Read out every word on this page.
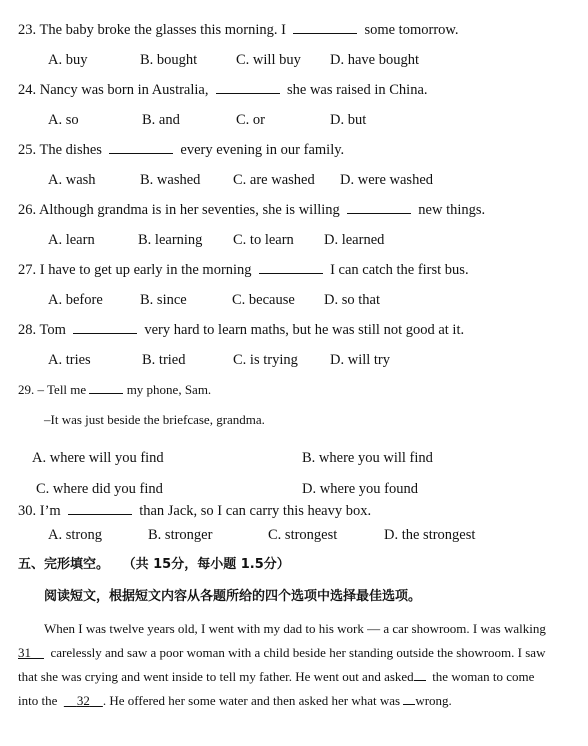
23. The baby broke the glasses this morning. I	some tomorrow.
A. buy	B. bought	C. will buy D. have bought
24. Nancy was born in Australia,	she was raised in China.
A. so	B. and	C. or	D. but
25. The dishes	every evening in our family.
A. wash	B. washed C. are washed D. were washed
26. Although grandma is in her seventies, she is willing	new things.
A. learn	B. learning C. to learn D. learned
27. I have to get up early in the morning	I can catch the first bus.
A. before	B. since	C. because D. so that
28. Tom	very hard to learn maths, but he was still not good at it.
A. tries	B. tried	C. is trying D. will try
29. – Tell me	my phone, Sam.
–It was just beside the briefcase, grandma.
A. where will you find	B. where you will find
C. where did you find	D. where you found
30. I’m	than Jack, so I can carry this heavy box.
A. strong	B. stronger	C. strongest	D. the strongest
五、完形填空。 （共 15分，每小题 1.5分）
阅读短文，根据短文内容从各题所给的四个选项中选择最佳选项。
When I was twelve years old, I went with my dad to his work — a car showroom. I was walking
31 carelessly and saw a poor woman with a child beside her standing outside the showroom. I saw
that she was crying and went inside to tell my father. He went out and asked the woman to come
into the 32 . He offered her some water and then asked her what was wrong.
